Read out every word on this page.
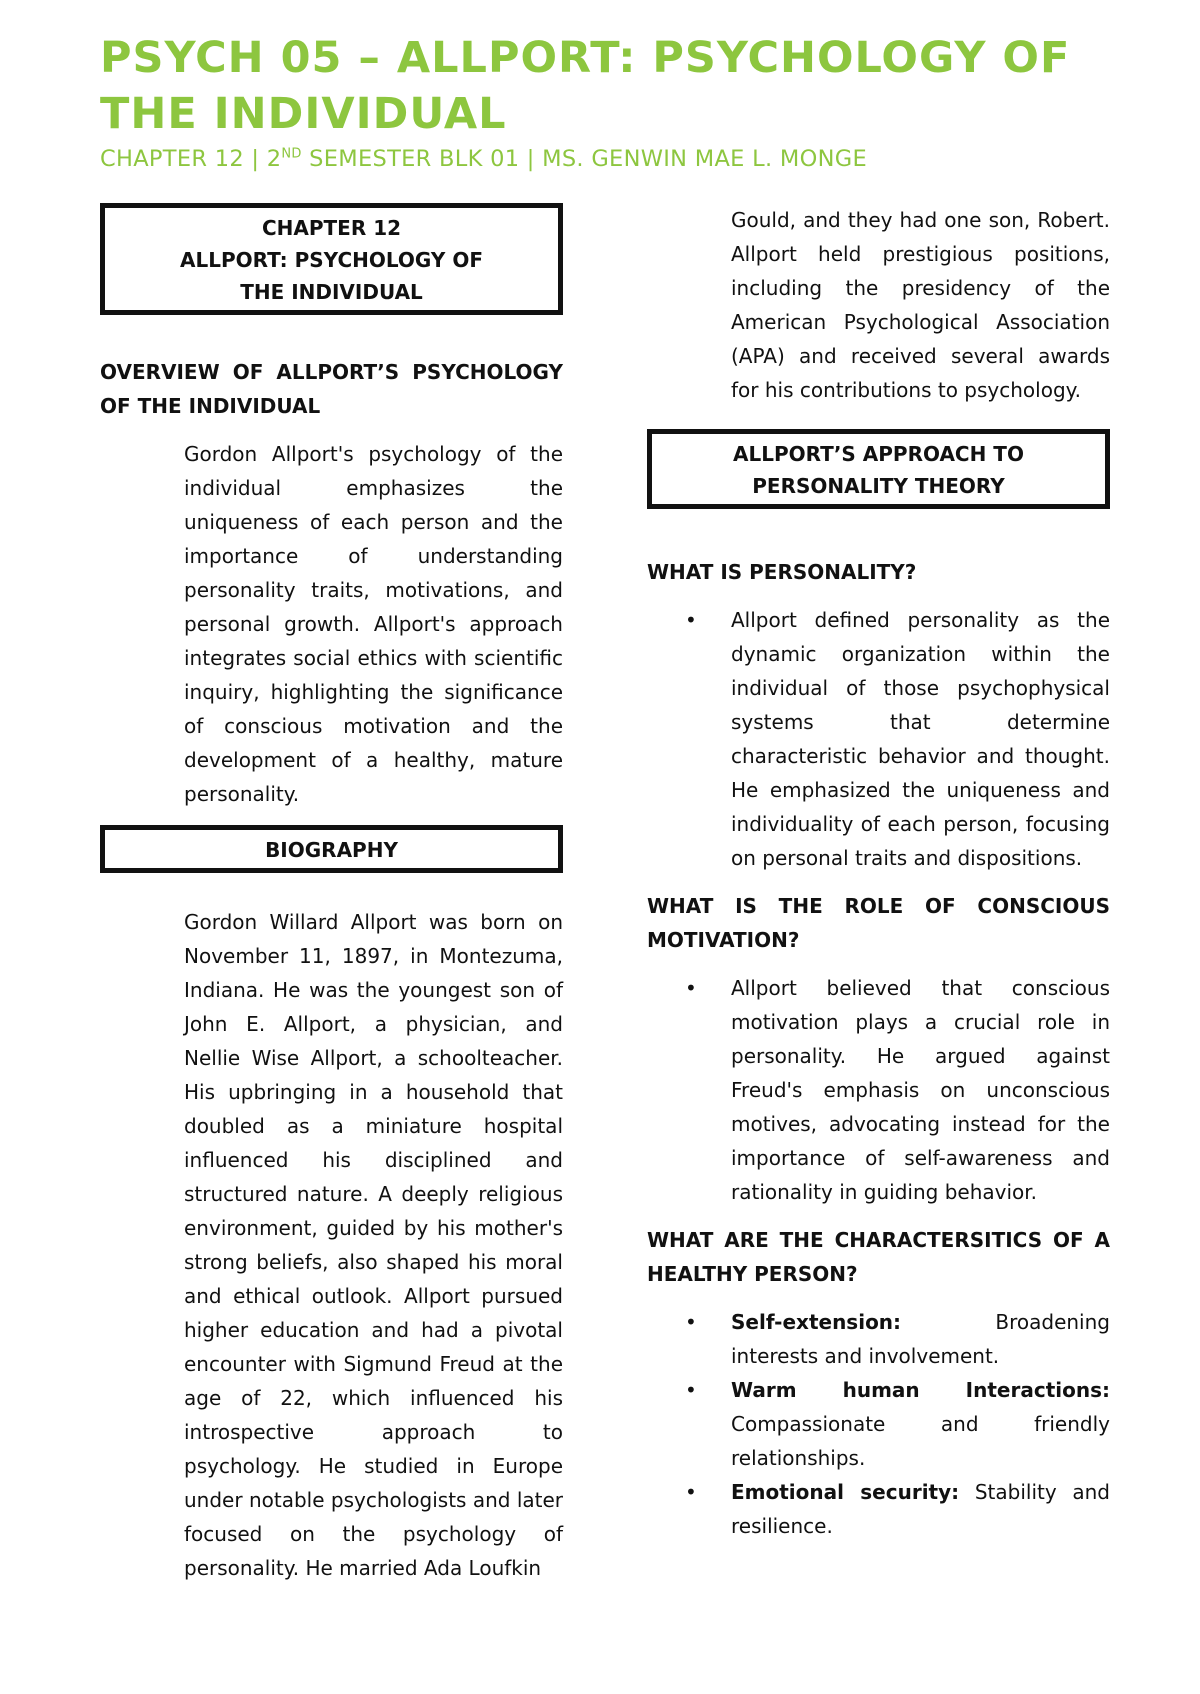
PSYCH 05 – ALLPORT: PSYCHOLOGY OF THE INDIVIDUAL
CHAPTER 12 | 2ND SEMESTER BLK 01 | MS. GENWIN MAE L. MONGE
CHAPTER 12
ALLPORT: PSYCHOLOGY OF THE INDIVIDUAL
OVERVIEW OF ALLPORT’S PSYCHOLOGY OF THE INDIVIDUAL
Gordon Allport's psychology of the individual emphasizes the uniqueness of each person and the importance of understanding personality traits, motivations, and personal growth. Allport's approach integrates social ethics with scientific inquiry, highlighting the significance of conscious motivation and the development of a healthy, mature personality.
BIOGRAPHY
Gordon Willard Allport was born on November 11, 1897, in Montezuma, Indiana. He was the youngest son of John E. Allport, a physician, and Nellie Wise Allport, a schoolteacher. His upbringing in a household that doubled as a miniature hospital influenced his disciplined and structured nature. A deeply religious environment, guided by his mother's strong beliefs, also shaped his moral and ethical outlook. Allport pursued higher education and had a pivotal encounter with Sigmund Freud at the age of 22, which influenced his introspective approach to psychology. He studied in Europe under notable psychologists and later focused on the psychology of personality. He married Ada Loufkin
Gould, and they had one son, Robert. Allport held prestigious positions, including the presidency of the American Psychological Association (APA) and received several awards for his contributions to psychology.
ALLPORT’S APPROACH TO PERSONALITY THEORY
WHAT IS PERSONALITY?
• Allport defined personality as the dynamic organization within the individual of those psychophysical systems that determine characteristic behavior and thought. He emphasized the uniqueness and individuality of each person, focusing on personal traits and dispositions.
WHAT IS THE ROLE OF CONSCIOUS MOTIVATION?
• Allport believed that conscious motivation plays a crucial role in personality. He argued against Freud's emphasis on unconscious motives, advocating instead for the importance of self-awareness and rationality in guiding behavior.
WHAT ARE THE CHARACTERSITICS OF A HEALTHY PERSON?
• Self-extension: Broadening interests and involvement.
• Warm human Interactions: Compassionate and friendly relationships.
• Emotional security: Stability and resilience.
